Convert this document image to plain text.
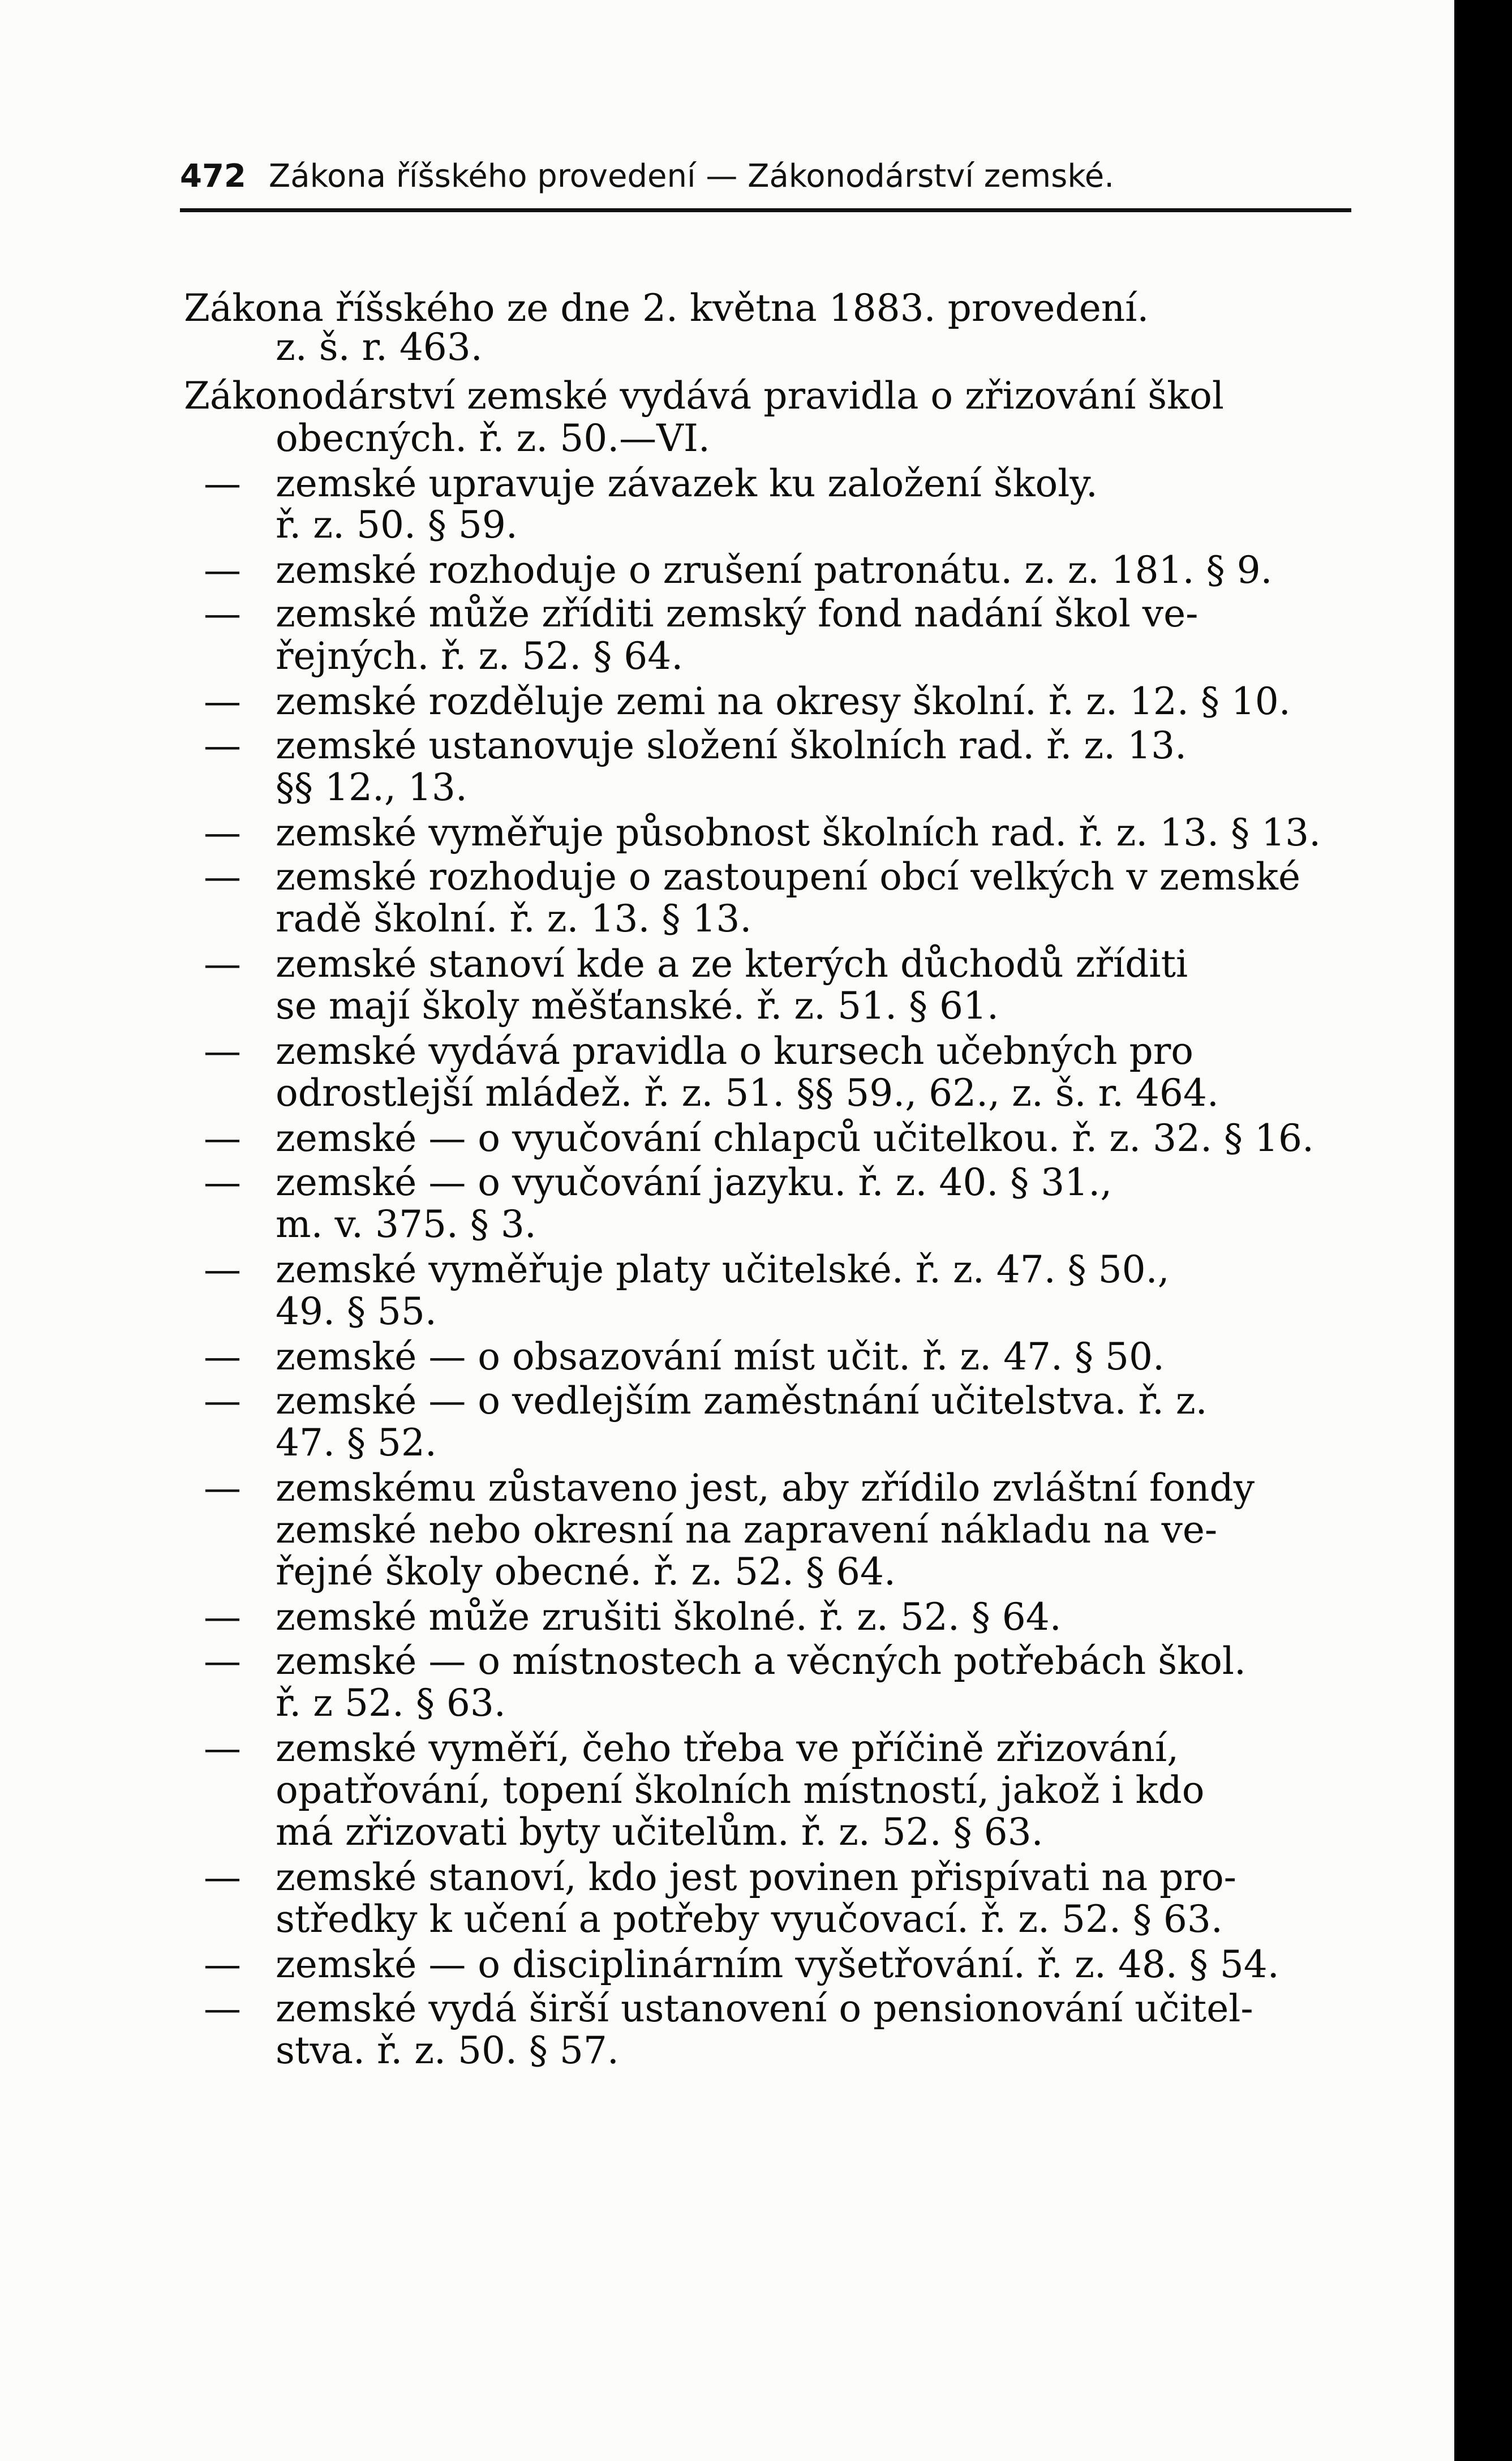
472 Zákona říšského provedení — Zákonodárství zemské.
Zákona říšského ze dne 2. května 1883. provedení.
z. š. r. 463.
Zákonodárství zemské vydává pravidla o zřizování škol
obecných. ř. z. 50.—VI.
— zemské upravuje závazek ku založení školy.
ř. z. 50. § 59.
— zemské rozhoduje o zrušení patronátu. z. z. 181. § 9.
— zemské může zříditi zemský fond nadání škol ve-
řejných. ř. z. 52. § 64.
— zemské rozděluje zemi na okresy školní. ř. z. 12. § 10.
— zemské ustanovuje složení školních rad. ř. z. 13.
§§ 12., 13.
— zemské vyměřuje působnost školních rad. ř. z. 13. § 13.
— zemské rozhoduje o zastoupení obcí velkých v zemské
radě školní. ř. z. 13. § 13.
— zemské stanoví kde a ze kterých důchodů zříditi
se mají školy měšťanské. ř. z. 51. § 61.
— zemské vydává pravidla o kursech učebných pro
odrostlejší mládež. ř. z. 51. §§ 59., 62., z. š. r. 464.
— zemské — o vyučování chlapců učitelkou. ř. z. 32. § 16.
— zemské — o vyučování jazyku. ř. z. 40. § 31.,
m. v. 375. § 3.
— zemské vyměřuje platy učitelské. ř. z. 47. § 50.,
49. § 55.
— zemské — o obsazování míst učit. ř. z. 47. § 50.
— zemské — o vedlejším zaměstnání učitelstva. ř. z.
47. § 52.
— zemskému zůstaveno jest, aby zřídilo zvláštní fondy
zemské nebo okresní na zapravení nákladu na ve-
řejné školy obecné. ř. z. 52. § 64.
— zemské může zrušiti školné. ř. z. 52. § 64.
— zemské — o místnostech a věcných potřebách škol.
ř. z 52. § 63.
— zemské vyměří, čeho třeba ve příčině zřizování,
opatřování, topení školních místností, jakož i kdo
má zřizovati byty učitelům. ř. z. 52. § 63.
— zemské stanoví, kdo jest povinen přispívati na pro-
středky k učení a potřeby vyučovací. ř. z. 52. § 63.
— zemské — o disciplinárním vyšetřování. ř. z. 48. § 54.
— zemské vydá širší ustanovení o pensionování učitel-
stva. ř. z. 50. § 57.
